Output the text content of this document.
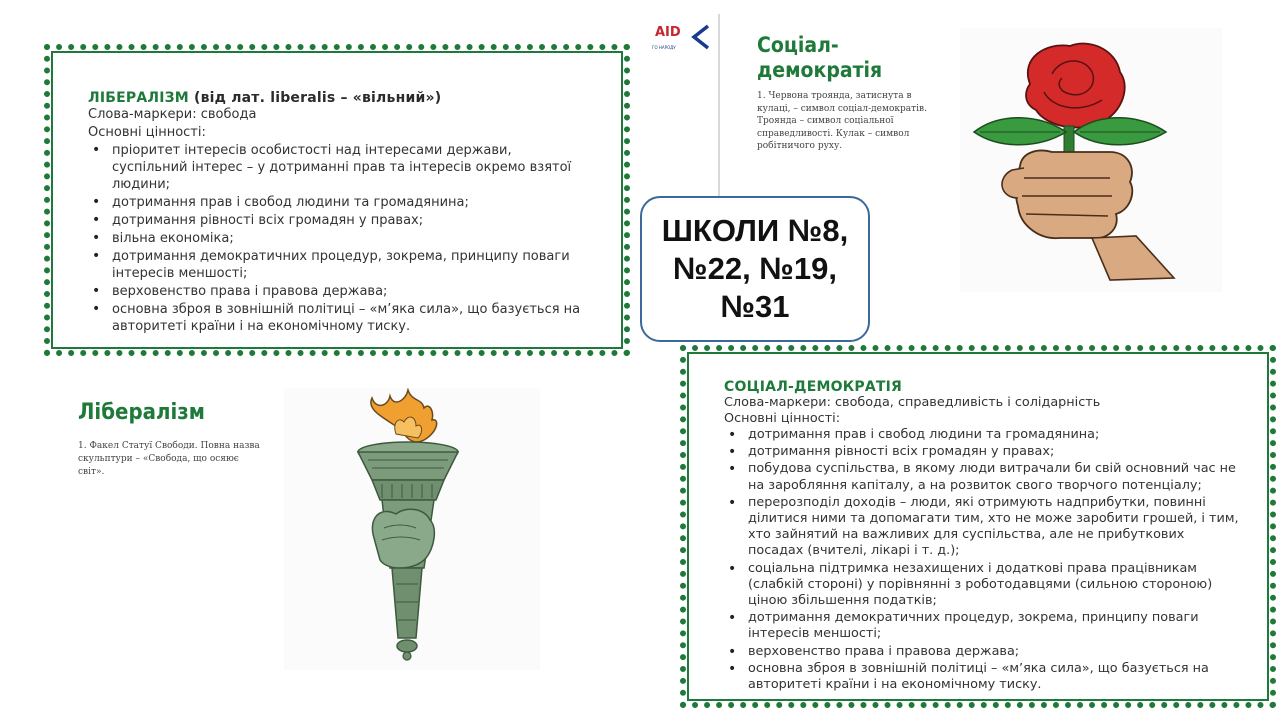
ЛІБЕРАЛІЗМ (від лат. liberalis – «вільний»)
Слова-маркери: свобода
Основні цінності:
• пріоритет інтересів особистості над інтересами держави, суспільний інтерес – у дотриманні прав та інтересів окремо взятої людини;
• дотримання прав і свобод людини та громадянина;
• дотримання рівності всіх громадян у правах;
• вільна економіка;
• дотримання демократичних процедур, зокрема, принципу поваги інтересів меншості;
• верховенство права і правова держава;
• основна зброя в зовнішній політиці – «м’яка сила», що базується на авторитеті країни і на економічному тиску.
Лібералізм
1. Факел Статуї Свободи. Повна назва скульптури – «Свобода, що осяює світ».
AID
ГО НАРОДУ	Соціал-демократія
1. Червона троянда, затиснута в кулаці, – символ соціал-демократів. Троянда – символ соціальної справедливості. Кулак – символ робітничого руху.
СОЦІАЛ-ДЕМОКРАТІЯ
Слова-маркери: свобода, справедливість і солідарність
Основні цінності:
• дотримання прав і свобод людини та громадянина;
• дотримання рівності всіх громадян у правах;
• побудова суспільства, в якому люди витрачали би свій основний час не на заробляння капіталу, а на розвиток свого творчого потенціалу;
• перерозподіл доходів – люди, які отримують надприбутки, повинні ділитися ними та допомагати тим, хто не може заробити грошей, і тим, хто зайнятий на важливих для суспільства, але не прибуткових посадах (вчителі, лікарі і т. д.);
• соціальна підтримка незахищених і додаткові права працівникам (слабкій стороні) у порівнянні з роботодавцями (сильною стороною) ціною збільшення податків;
• дотримання демократичних процедур, зокрема, принципу поваги інтересів меншості;
• верховенство права і правова держава;
• основна зброя в зовнішній політиці – «м’яка сила», що базується на авторитеті країни і на економічному тиску.
ШКОЛИ №8,
№22, №19,
№31
